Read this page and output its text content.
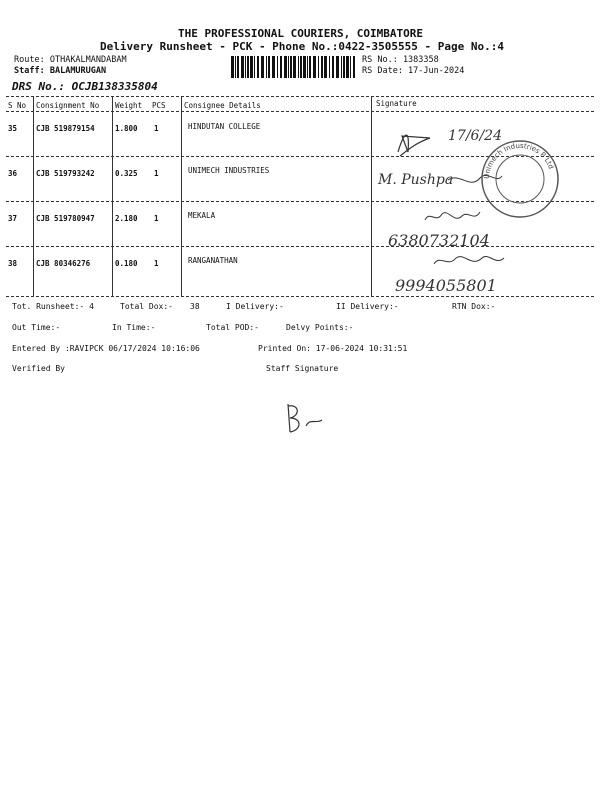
THE PROFESSIONAL COURIERS, COIMBATORE
Delivery Runsheet - PCK - Phone No.:0422-3505555 - Page No.:4
Route: OTHAKALMANDABAM
Staff: BALAMURUGAN
RS No.: 1383358
RS Date: 17-Jun-2024
DRS No.: OCJB138335804
S No Consignment No Weight PCS Consignee Details	Signature
35	CJB 519879154	1.800 1	HINDUTAN COLLEGE
17/6/24
36	CJB 519793242	0.325 1	UNIMECH INDUSTRIES
M. Pushpa
37	CJB 519780947	2.180 1	MEKALA
6380732104
38	CJB 80346276	0.180 1	RANGANATHAN
9994055801
Unimech Industries P Ltd
Tot. Runsheet:- 4	Total Dox:- 38	I Delivery:-	II Delivery:-	RTN Dox:-
Out Time:-	In Time:-	Total POD:-	Delvy Points:-
Entered By :RAVIPCK 06/17/2024 10:16:06	Printed On: 17-06-2024 10:31:51
Verified By	Staff Signature
